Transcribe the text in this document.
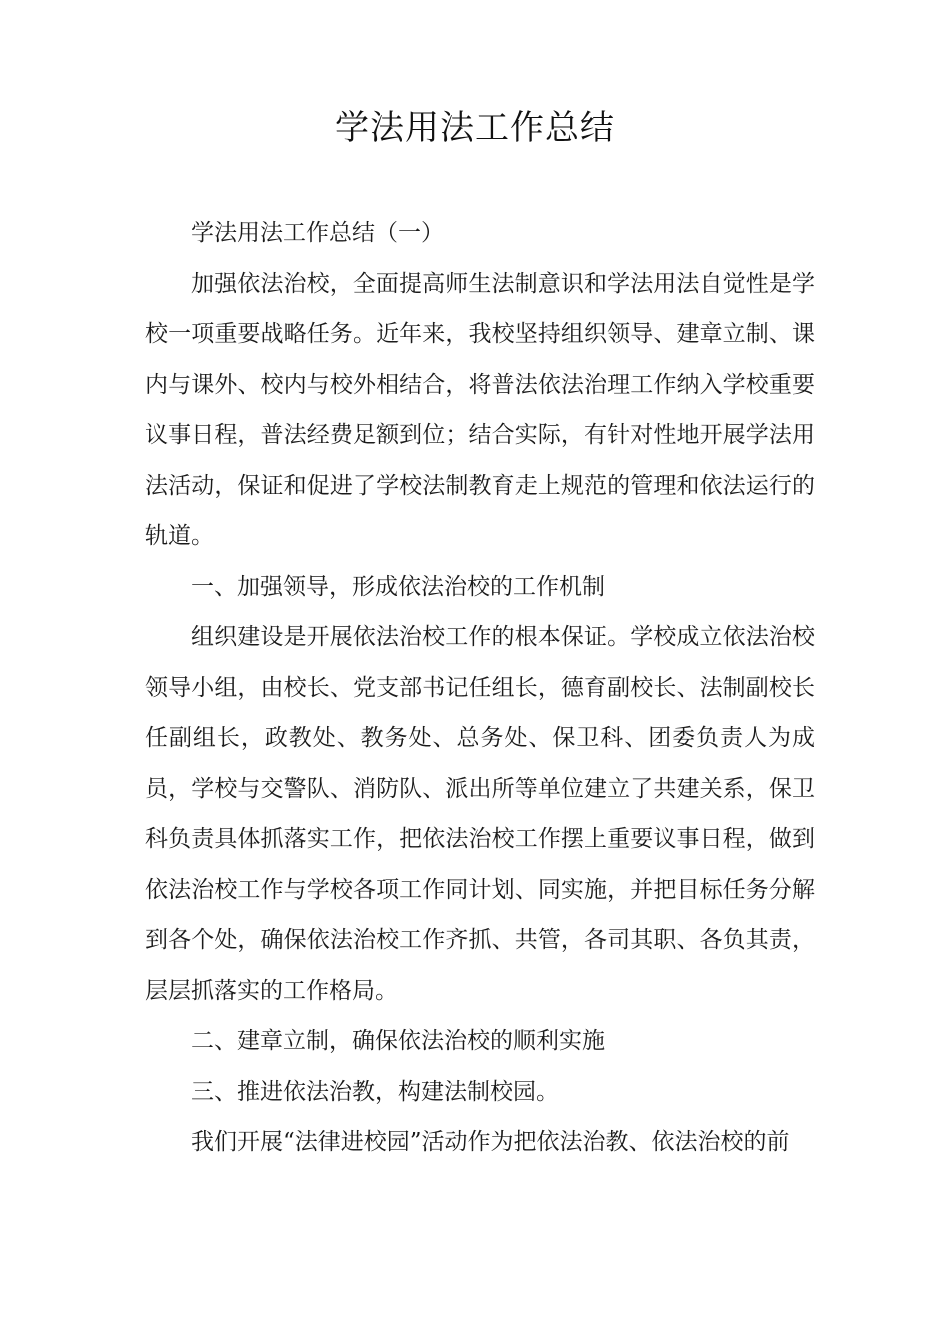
学法用法工作总结

学法用法工作总结（一）

加强依法治校，全面提高师生法制意识和学法用法自觉性是学校一项重要战略任务。近年来，我校坚持组织领导、建章立制、课内与课外、校内与校外相结合，将普法依法治理工作纳入学校重要议事日程，普法经费足额到位；结合实际，有针对性地开展学法用法活动，保证和促进了学校法制教育走上规范的管理和依法运行的轨道。

一、加强领导，形成依法治校的工作机制

组织建设是开展依法治校工作的根本保证。学校成立依法治校领导小组，由校长、党支部书记任组长，德育副校长、法制副校长任副组长，政教处、教务处、总务处、保卫科、团委负责人为成员，学校与交警队、消防队、派出所等单位建立了共建关系，保卫科负责具体抓落实工作，把依法治校工作摆上重要议事日程，做到依法治校工作与学校各项工作同计划、同实施，并把目标任务分解到各个处，确保依法治校工作齐抓、共管，各司其职、各负其责，层层抓落实的工作格局。

二、建章立制，确保依法治校的顺利实施

三、推进依法治教，构建法制校园。

我们开展“法律进校园”活动作为把依法治教、依法治校的前
